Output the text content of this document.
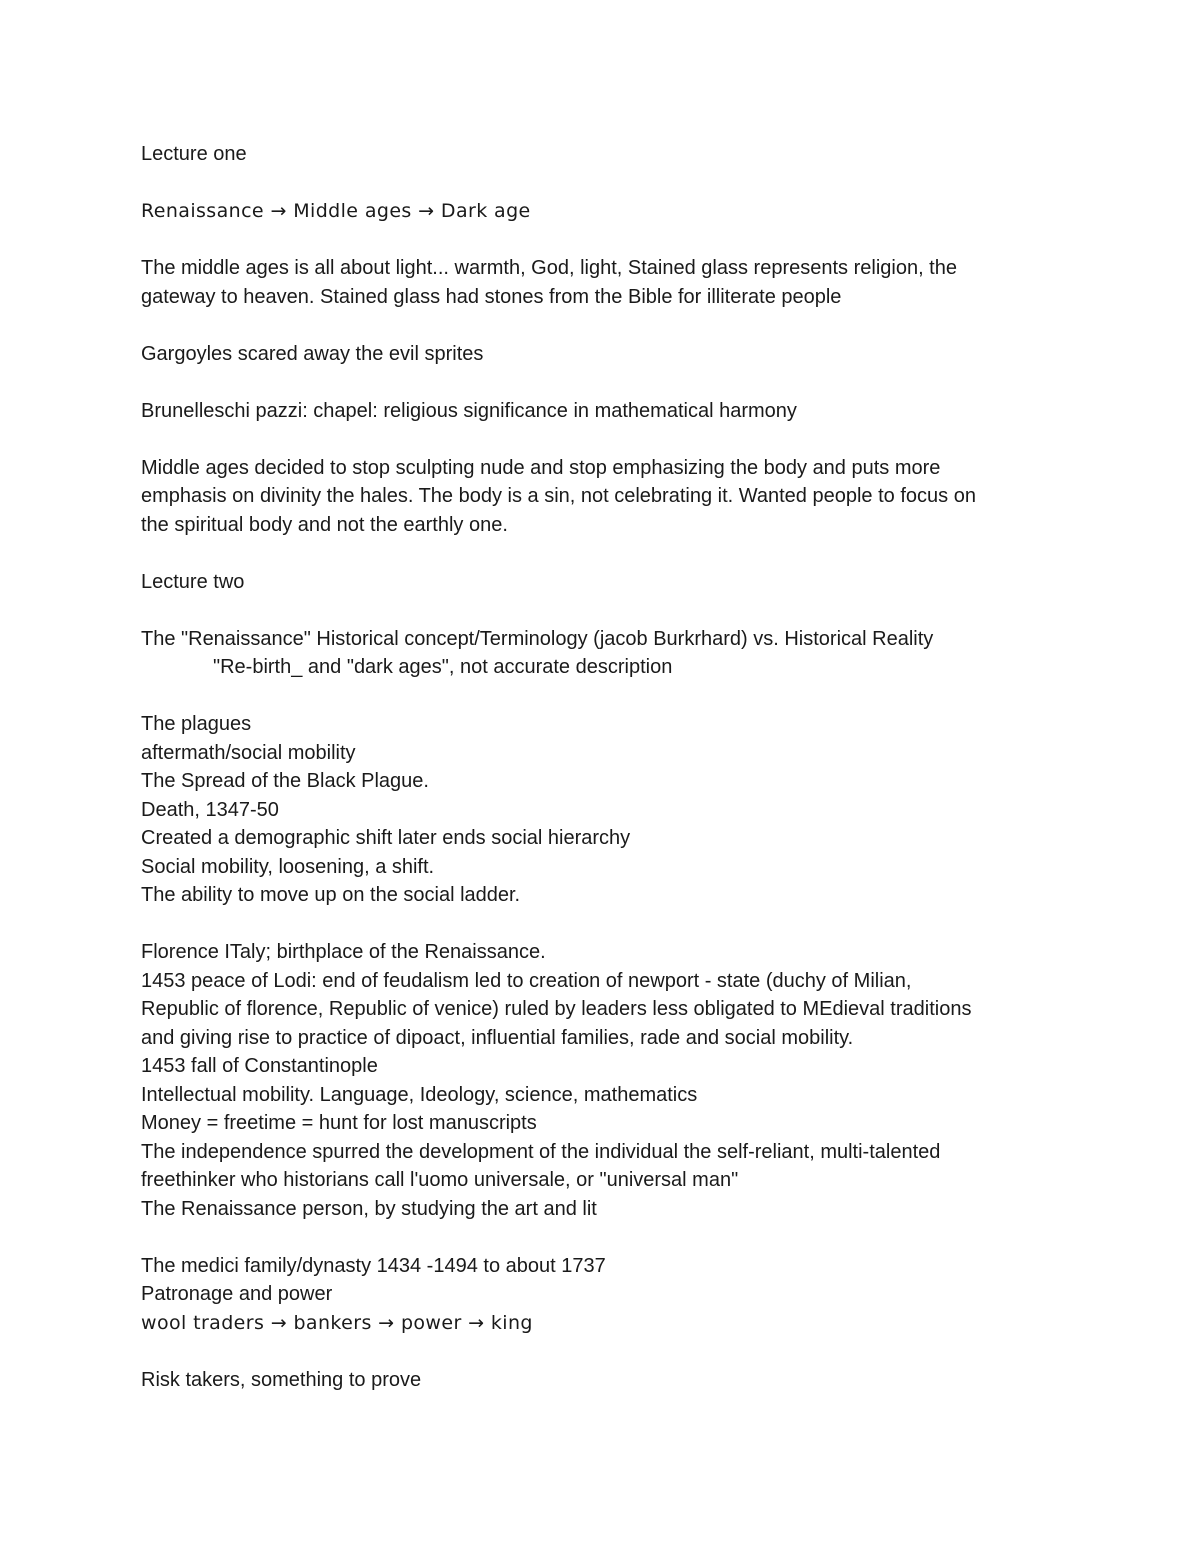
Lecture one
Renaissance → Middle ages → Dark age
The middle ages is all about light... warmth, God, light, Stained glass represents religion, the
gateway to heaven. Stained glass had stones from the Bible for illiterate people
Gargoyles scared away the evil sprites
Brunelleschi pazzi: chapel: religious significance in mathematical harmony
Middle ages decided to stop sculpting nude and stop emphasizing the body and puts more
emphasis on divinity the hales. The body is a sin, not celebrating it. Wanted people to focus on
the spiritual body and not the earthly one.
Lecture two
The "Renaissance" Historical concept/Terminology (jacob Burkrhard) vs. Historical Reality
"Re-birth_ and "dark ages", not accurate description
The plagues
aftermath/social mobility
The Spread of the Black Plague.
Death, 1347-50
Created a demographic shift later ends social hierarchy
Social mobility, loosening, a shift.
The ability to move up on the social ladder.
Florence ITaly; birthplace of the Renaissance.
1453 peace of Lodi: end of feudalism led to creation of newport - state (duchy of Milian,
Republic of florence, Republic of venice) ruled by leaders less obligated to MEdieval traditions
and giving rise to practice of dipoact, influential families, rade and social mobility.
1453 fall of Constantinople
Intellectual mobility. Language, Ideology, science, mathematics
Money = freetime = hunt for lost manuscripts
The independence spurred the development of the individual the self-reliant, multi-talented
freethinker who historians call l'uomo universale, or "universal man"
The Renaissance person, by studying the art and lit
The medici family/dynasty 1434 -1494 to about 1737
Patronage and power
wool traders → bankers → power → king
Risk takers, something to prove
